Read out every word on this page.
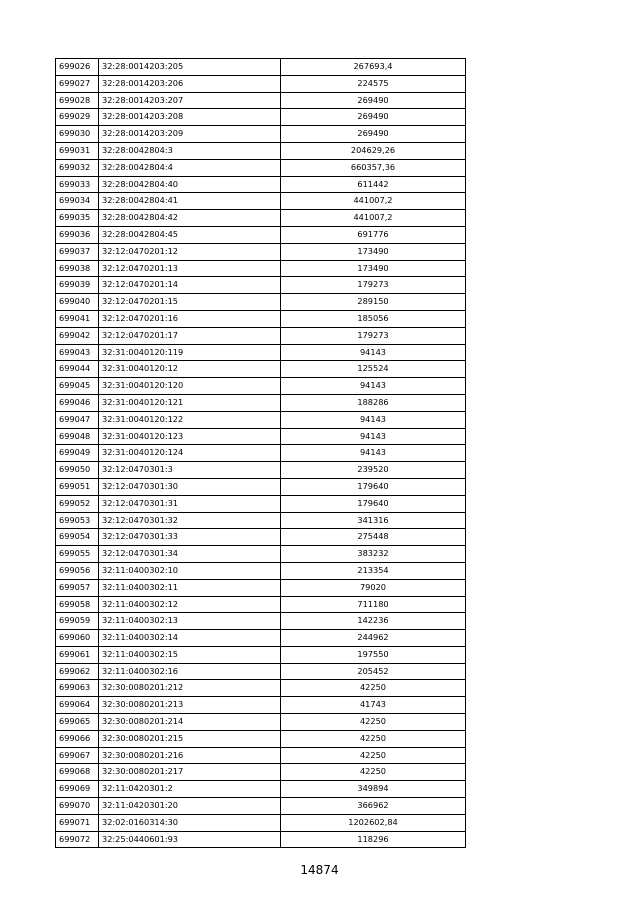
699026	32:28:0014203:205	267693,4
699027	32:28:0014203:206	224575
699028	32:28:0014203:207	269490
699029	32:28:0014203:208	269490
699030	32:28:0014203:209	269490
699031	32:28:0042804:3	204629,26
699032	32:28:0042804:4	660357,36
699033	32:28:0042804:40	611442
699034	32:28:0042804:41	441007,2
699035	32:28:0042804:42	441007,2
699036	32:28:0042804:45	691776
699037	32:12:0470201:12	173490
699038	32:12:0470201:13	173490
699039	32:12:0470201:14	179273
699040	32:12:0470201:15	289150
699041	32:12:0470201:16	185056
699042	32:12:0470201:17	179273
699043	32:31:0040120:119	94143
699044	32:31:0040120:12	125524
699045	32:31:0040120:120	94143
699046	32:31:0040120:121	188286
699047	32:31:0040120:122	94143
699048	32:31:0040120:123	94143
699049	32:31:0040120:124	94143
699050	32:12:0470301:3	239520
699051	32:12:0470301:30	179640
699052	32:12:0470301:31	179640
699053	32:12:0470301:32	341316
699054	32:12:0470301:33	275448
699055	32:12:0470301:34	383232
699056	32:11:0400302:10	213354
699057	32:11:0400302:11	79020
699058	32:11:0400302:12	711180
699059	32:11:0400302:13	142236
699060	32:11:0400302:14	244962
699061	32:11:0400302:15	197550
699062	32:11:0400302:16	205452
699063	32:30:0080201:212	42250
699064	32:30:0080201:213	41743
699065	32:30:0080201:214	42250
699066	32:30:0080201:215	42250
699067	32:30:0080201:216	42250
699068	32:30:0080201:217	42250
699069	32:11:0420301:2	349894
699070	32:11:0420301:20	366962
699071	32:02:0160314:30	1202602,84
699072	32:25:0440601:93	118296
14874
